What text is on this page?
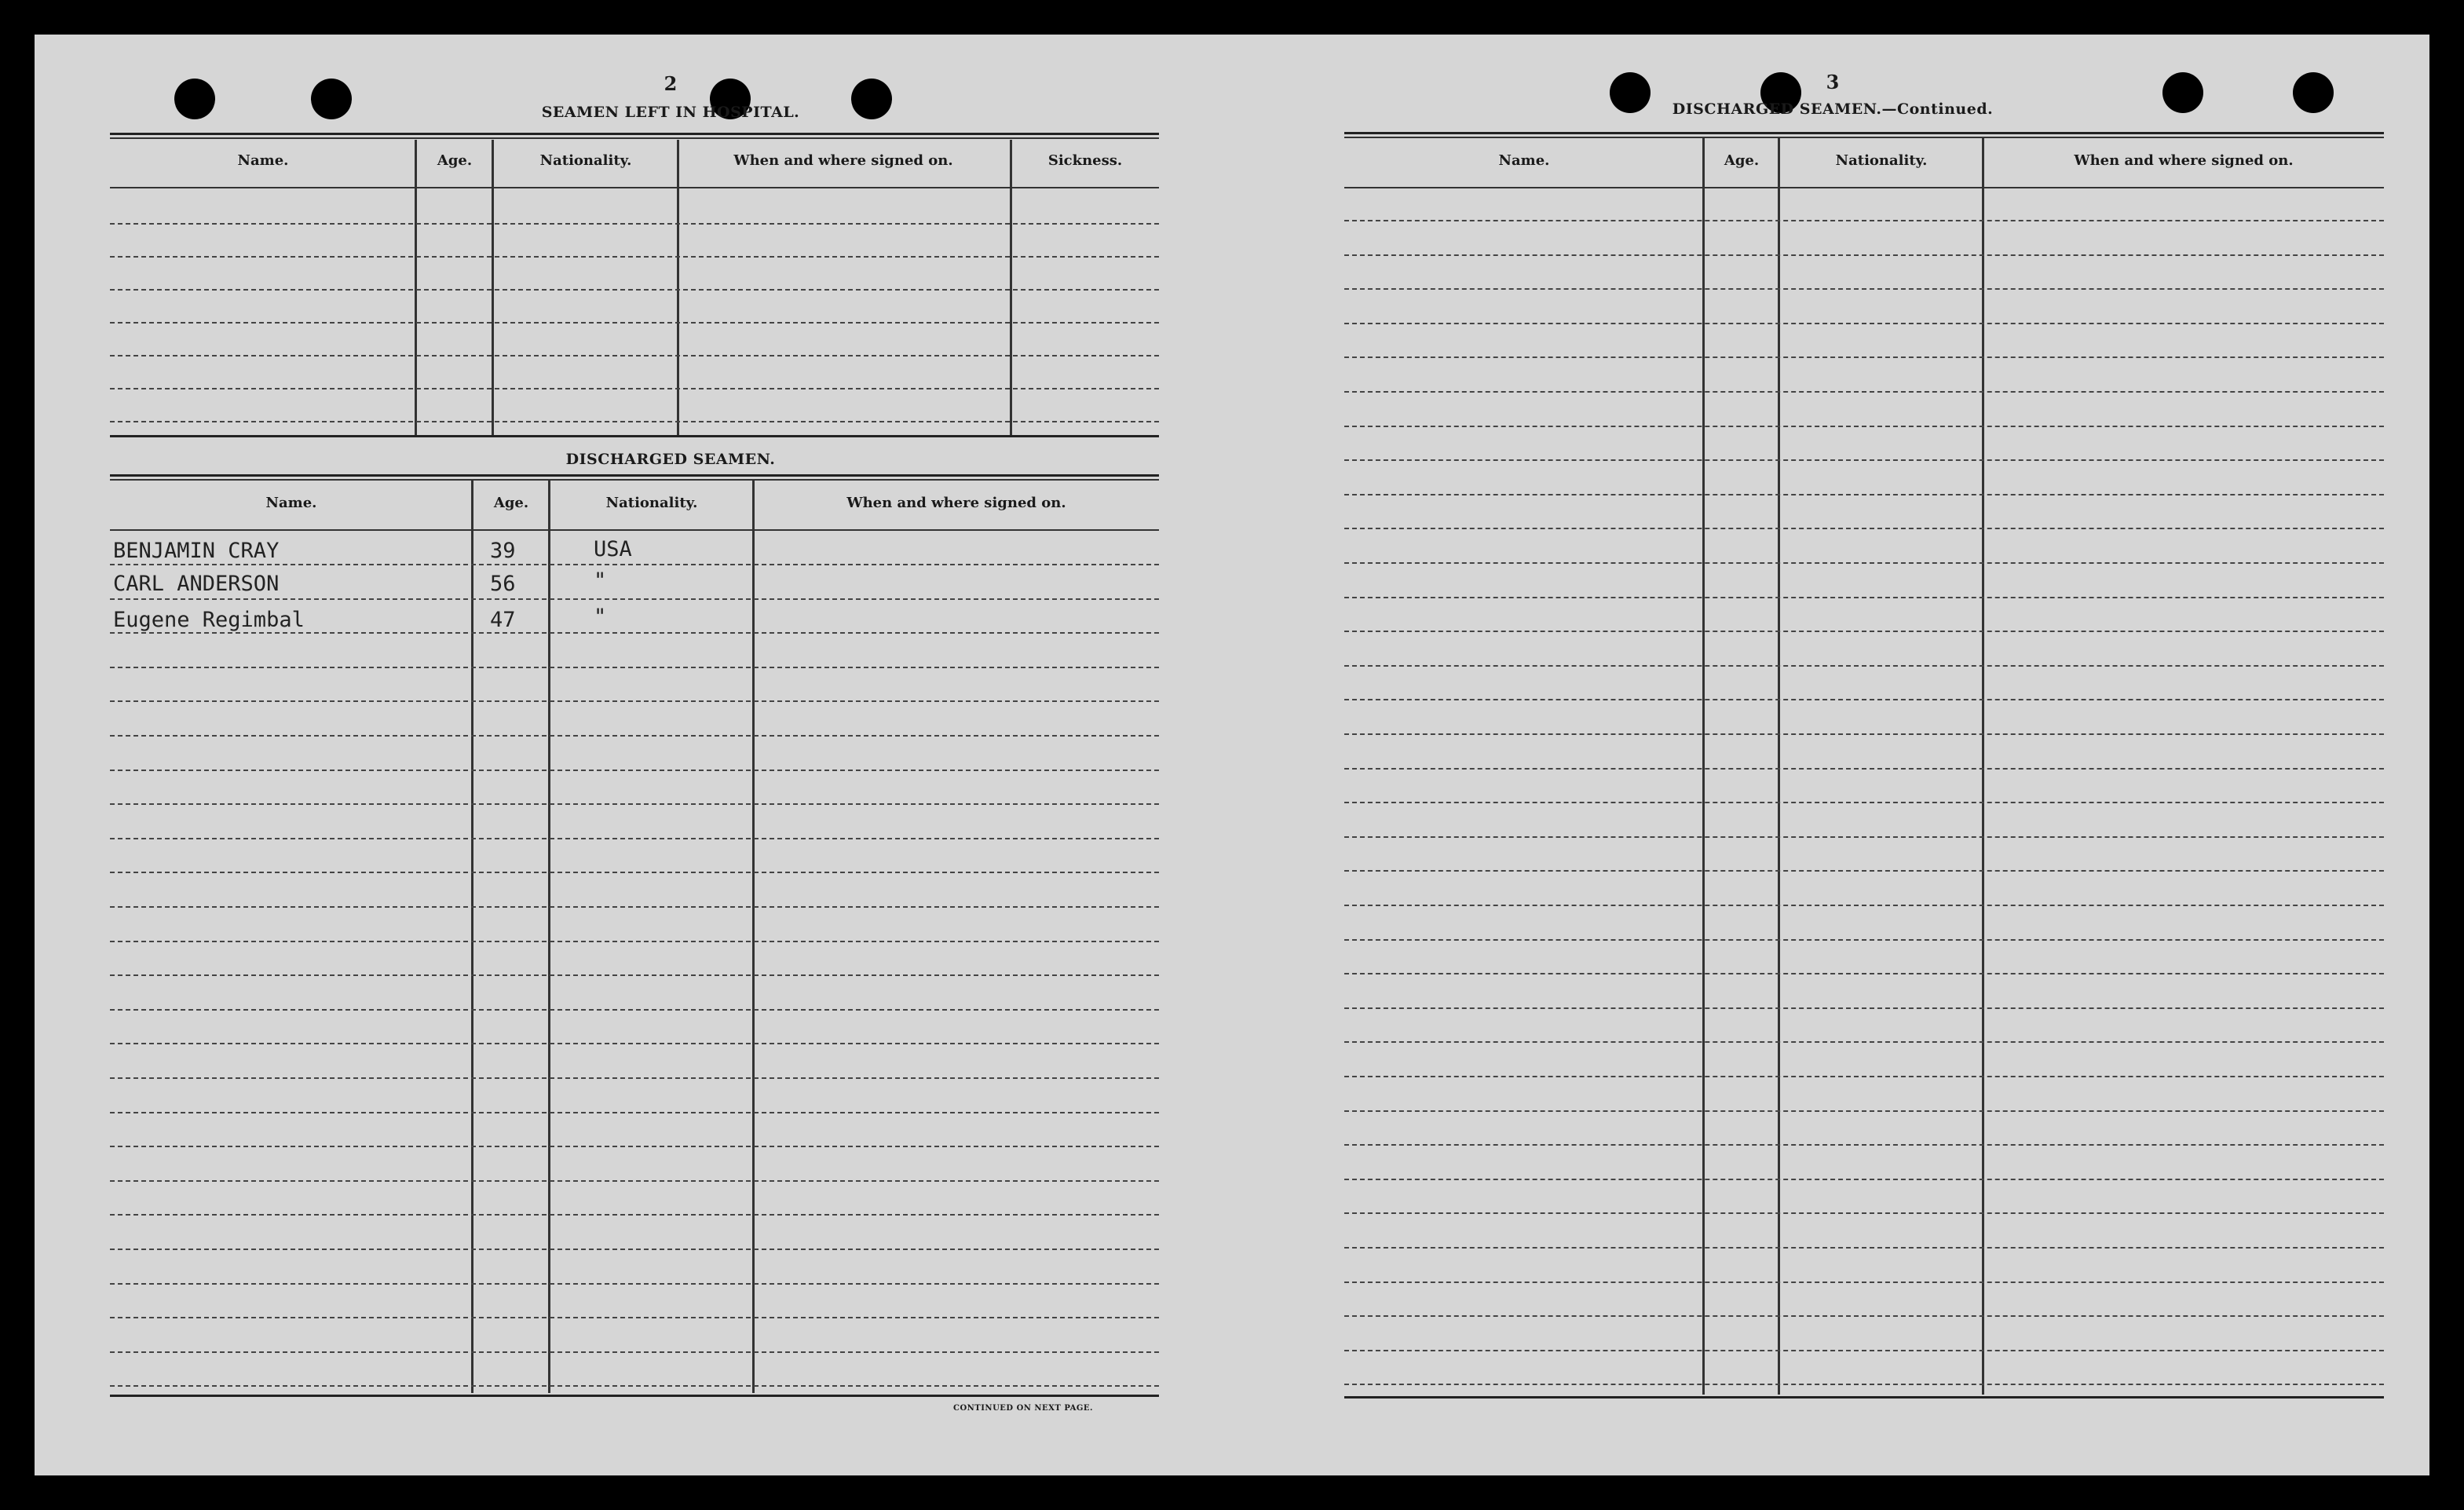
2
SEAMEN LEFT IN HOSPITAL.
Name.	Age.	Nationality.	When and where signed on.	Sickness.
DISCHARGED SEAMEN.
Name.	Age.	Nationality.	When and where signed on.
BENJAMIN CRAY	39	USA
CARL ANDERSON	56	"
Eugene Regimbal	47	"
CONTINUED ON NEXT PAGE.
3
DISCHARGED SEAMEN.—Continued.
Name.	Age.	Nationality.	When and where signed on.
